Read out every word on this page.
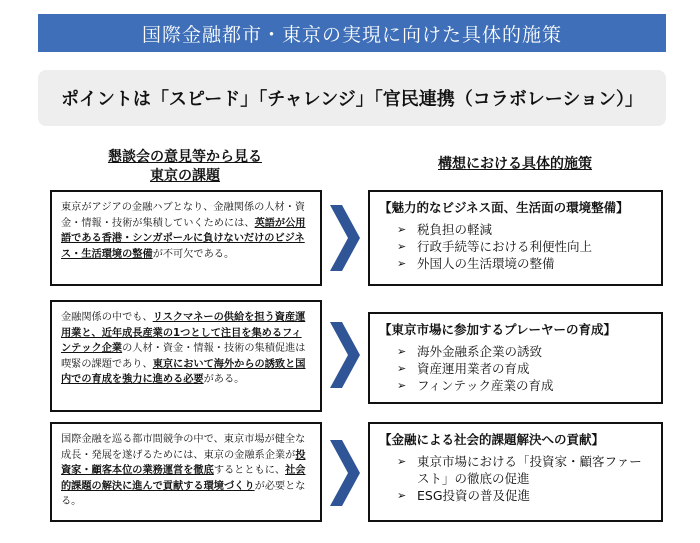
国際金融都市・東京の実現に向けた具体的施策
ポイントは「スピード」「チャレンジ」「官民連携（コラボレーション）」
懇談会の意見等から見る
東京の課題
構想における具体的施策
東京がアジアの金融ハブとなり、金融関係の人材・資金・情報・技術が集積していくためには、英語が公用語である香港・シンガポールに負けないだけのビジネス・生活環境の整備が不可欠である。
【魅力的なビジネス面、生活面の環境整備】
➢ 税負担の軽減
➢ 行政手続等における利便性向上
➢ 外国人の生活環境の整備
金融関係の中でも、リスクマネーの供給を担う資産運用業と、近年成長産業の1つとして注目を集めるフィンテック企業の人材・資金・情報・技術の集積促進は喫緊の課題であり、東京において海外からの誘致と国内での育成を強力に進める必要がある。
【東京市場に参加するプレーヤーの育成】
➢ 海外金融系企業の誘致
➢ 資産運用業者の育成
➢ フィンテック産業の育成
国際金融を巡る都市間競争の中で、東京市場が健全な成長・発展を遂げるためには、東京の金融系企業が投資家・顧客本位の業務運営を徹底するとともに、社会的課題の解決に進んで貢献する環境づくりが必要となる。
【金融による社会的課題解決への貢献】
➢ 東京市場における「投資家・顧客ファースト」の徹底の促進
➢ ESG投資の普及促進
